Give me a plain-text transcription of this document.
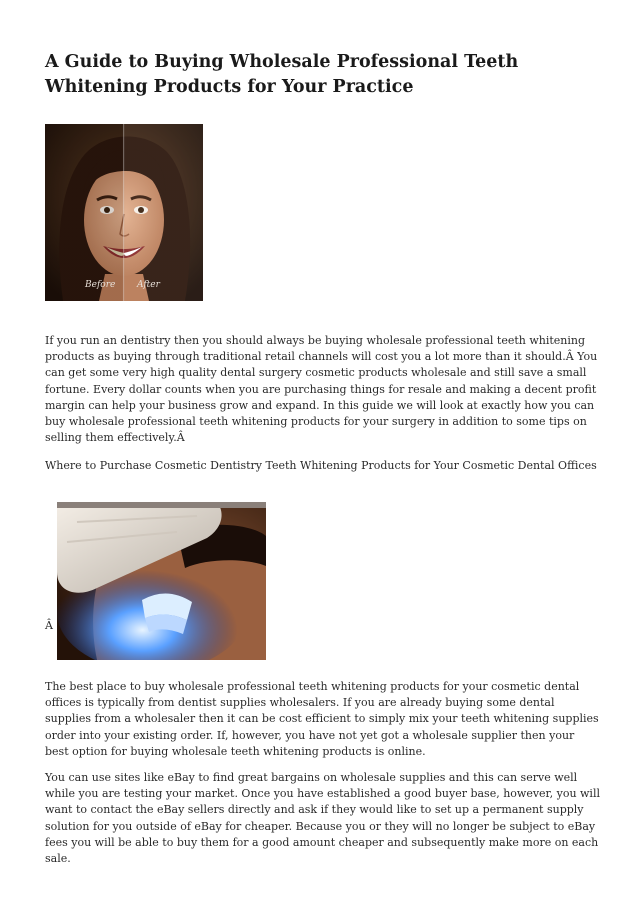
A Guide to Buying Wholesale Professional Teeth Whitening Products for Your Practice
Before After

If you run an dentistry then you should always be buying wholesale professional teeth whitening products as buying through traditional retail channels will cost you a lot more than it should.Â You can get some very high quality dental surgery cosmetic products wholesale and still save a small fortune. Every dollar counts when you are purchasing things for resale and making a decent profit margin can help your business grow and expand. In this guide we will look at exactly how you can buy wholesale professional teeth whitening products for your surgery in addition to some tips on selling them effectively.Â

Where to Purchase Cosmetic Dentistry Teeth Whitening Products for Your Cosmetic Dental Offices

Â

The best place to buy wholesale professional teeth whitening products for your cosmetic dental offices is typically from dentist supplies wholesalers. If you are already buying some dental supplies from a wholesaler then it can be cost efficient to simply mix your teeth whitening supplies order into your existing order. If, however, you have not yet got a wholesale supplier then your best option for buying wholesale teeth whitening products is online.

You can use sites like eBay to find great bargains on wholesale supplies and this can serve well while you are testing your market. Once you have established a good buyer base, however, you will want to contact the eBay sellers directly and ask if they would like to set up a permanent supply solution for you outside of eBay for cheaper. Because you or they will no longer be subject to eBay fees you will be able to buy them for a good amount cheaper and subsequently make more on each sale.
